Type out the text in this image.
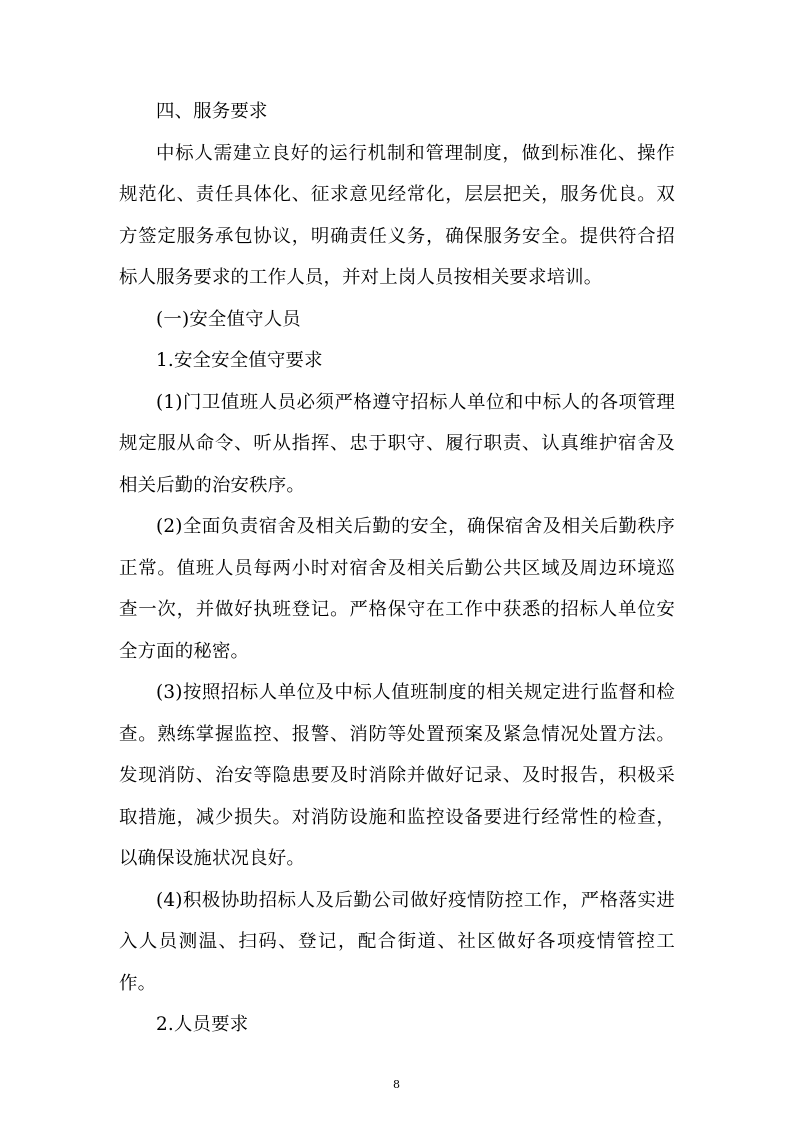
四、服务要求

中标人需建立良好的运行机制和管理制度，做到标准化、操作规范化、责任具体化、征求意见经常化，层层把关，服务优良。双方签定服务承包协议，明确责任义务，确保服务安全。提供符合招标人服务要求的工作人员，并对上岗人员按相关要求培训。

(一)安全值守人员

1.安全安全值守要求

(1)门卫值班人员必须严格遵守招标人单位和中标人的各项管理规定服从命令、听从指挥、忠于职守、履行职责、认真维护宿舍及相关后勤的治安秩序。

(2)全面负责宿舍及相关后勤的安全，确保宿舍及相关后勤秩序正常。值班人员每两小时对宿舍及相关后勤公共区域及周边环境巡查一次，并做好执班登记。严格保守在工作中获悉的招标人单位安全方面的秘密。

(3)按照招标人单位及中标人值班制度的相关规定进行监督和检查。熟练掌握监控、报警、消防等处置预案及紧急情况处置方法。发现消防、治安等隐患要及时消除并做好记录、及时报告，积极采取措施，减少损失。对消防设施和监控设备要进行经常性的检查，以确保设施状况良好。

(4)积极协助招标人及后勤公司做好疫情防控工作，严格落实进入人员测温、扫码、登记，配合街道、社区做好各项疫情管控工作。

2.人员要求

8
